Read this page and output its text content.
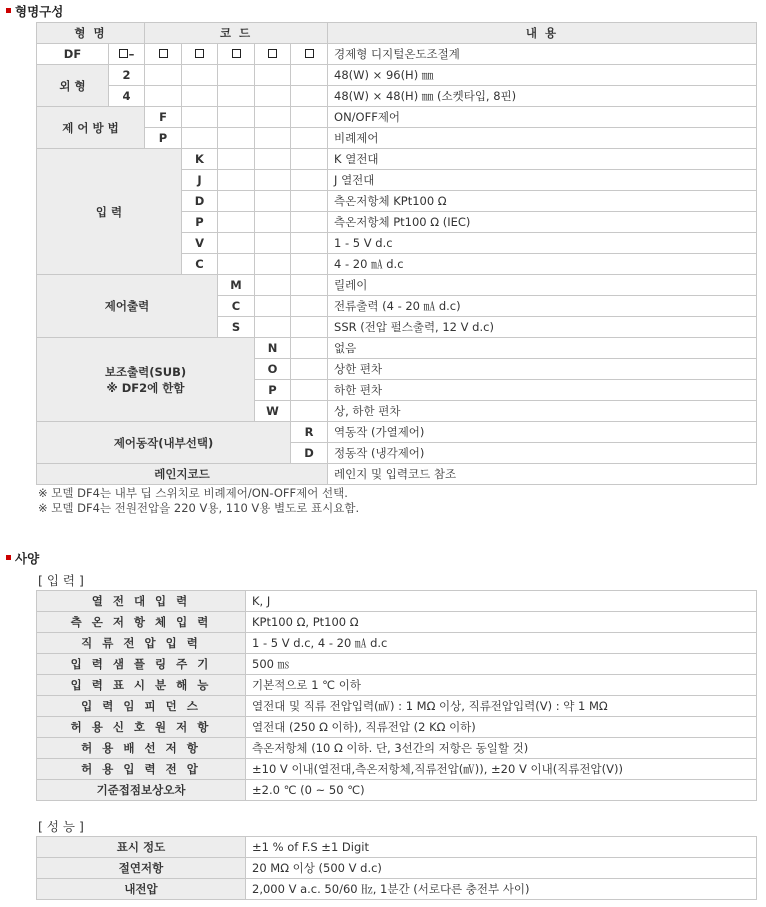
형명구성
형 명		코 드					내 용
DF	–						경제형 디지털온도조절계
외 형	2						48(W) × 96(H) ㎜
	4						48(W) × 48(H) ㎜ (소켓타입, 8핀)
제 어 방 법		F					ON/OFF제어
		P					비례제어
입 력			K				K 열전대
			J				J 열전대
			D				측온저항체 KPt100 Ω
			P				측온저항체 Pt100 Ω (IEC)
			V				1 - 5 V d.c
			C				4 - 20 ㎃ d.c
제어출력				M			릴레이
				C			전류출력 (4 - 20 ㎃ d.c)
				S			SSR (전압 펄스출력, 12 V d.c)

보조출력(SUB)
※ DF2에 한함					N		없음
					O		상한 편차
					P		하한 편차
					W		상, 하한 편차
제어동작(내부선택)						R	역동작 (가열제어)
						D	정동작 (냉각제어)
레인지코드							레인지 및 입력코드 참조
※ 모델 DF4는 내부 딥 스위치로 비례제어/ON-OFF제어 선택.
※ 모델 DF4는 전원전압을 220 V용, 110 V용 별도로 표시요함.
사양
[ 입 력 ]
열 전 대 입 력	K, J
측 온 저 항 체 입 력	KPt100 Ω, Pt100 Ω
직 류 전 압 입 력	1 - 5 V d.c, 4 - 20 ㎃ d.c
입 력 샘 플 링 주 기	500 ㎳
입 력 표 시 분 해 능	기본적으로 1 ℃ 이하
입 력 임 피 던 스	열전대 및 직류 전압입력(㎷) : 1 MΩ 이상, 직류전압입력(V) : 약 1 MΩ
허 용 신 호 원 저 항	열전대 (250 Ω 이하), 직류전압 (2 KΩ 이하)
허 용 배 선 저 항	측온저항체 (10 Ω 이하. 단, 3선간의 저항은 동일할 것)
허 용 입 력 전 압	±10 V 이내(열전대,측온저항체,직류전압(㎷)), ±20 V 이내(직류전압(V))
기준접점보상오차	±2.0 ℃ (0 ~ 50 ℃)
[ 성 능 ]
표시 정도	±1 % of F.S ±1 Digit
절연저항	20 MΩ 이상 (500 V d.c)
내전압	2,000 V a.c. 50/60 ㎐, 1분간 (서로다른 충전부 사이)
